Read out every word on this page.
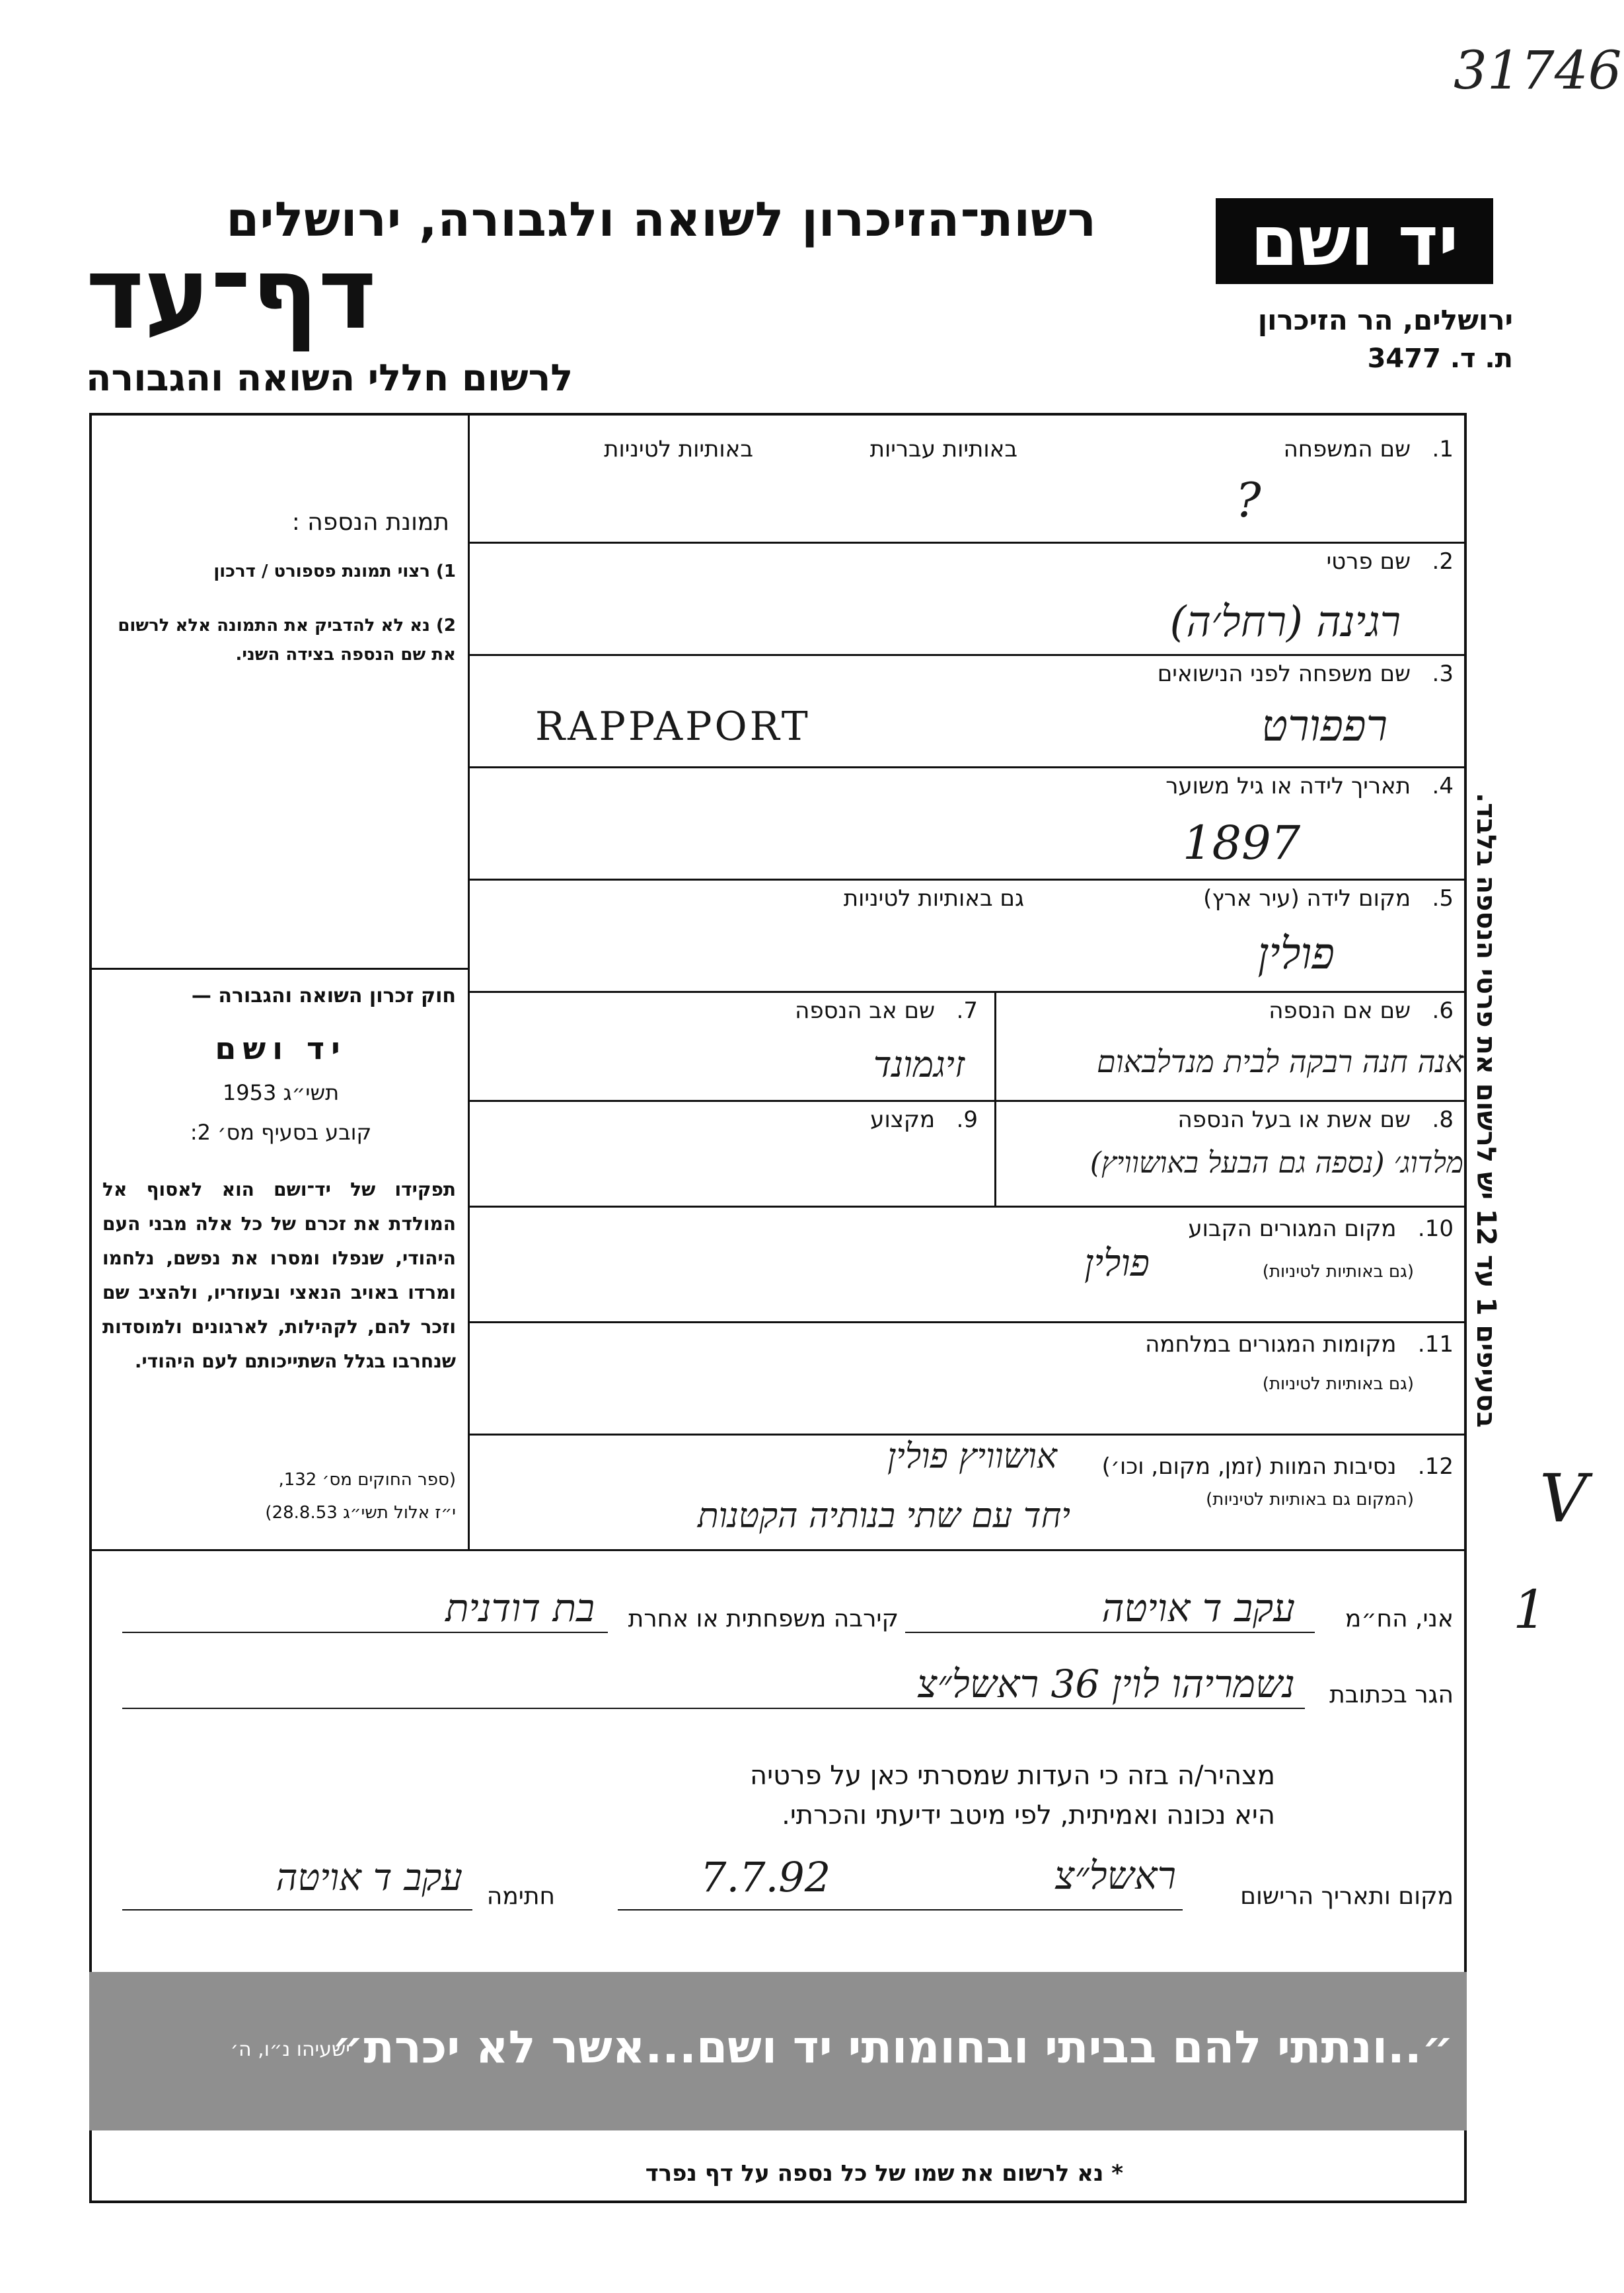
31746
רשות־הזיכרון לשואה ולגבורה, ירושלים
דף־עד
לרשום חללי השואה והגבורה
יד ושם
ירושלים, הר הזיכרון
ת. ד. 3477
תמונת הנספה :
1) רצוי תמונת פספורט / דרכון
2) נא לא להדביק את התמונה אלא לרשום את שם הנספה בצידה השני.
חוק זכרון השואה והגבורה —
יד ושם
תשי״ג 1953
קובע בסעיף מס׳ 2:
תפקידו של יד־ושם הוא לאסוף אל המולדת את זכרם של כל אלה מבני העם היהודי, שנפלו ומסרו את נפשם, נלחמו ומרדו באויב הנאצי ובעוזריו, ולהציב שם וזכר להם, לקהילות, לארגונים ולמוסדות שנחרבו בגלל השתייכותם לעם היהודי.
(ספר החוקים מס׳ 132,
י״ז אלול תשי״ג 28.8.53)
1.   שם המשפחה
באותיות עבריות
באותיות לטיניות
?
2.   שם פרטי
רגינה (רחל׳ה)
3.   שם משפחה לפני הנישואים
רפפורט
RAPPAPORT
4.   תאריך לידה או גיל משוער
1897
5.   מקום לידה (עיר ארץ)
גם באותיות לטיניות
פולין
6.   שם אם הנספה
אנה חנה רבקה לבית מנדלבאום
7.   שם אב הנספה
זיגמונד
8.   שם אשת או בעל הנספה
מלדוג׳ (נספה גם הבעל באושוויץ)
9.   מקצוע
10.   מקום המגורים הקבוע
(גם באותיות לטיניות)
פולין
11.   מקומות המגורים במלחמה
(גם באותיות לטיניות)
12.   נסיבות המוות (זמן, מקום, וכו׳)
(המקום גם באותיות לטיניות)
אושוויץ פולין
יחד עם שתי בנותיה הקטנות
בסעיפים 1 עד 12 יש לרשום את פרטי הנספה בלבד.
V
1
אני, הח״מ
עקב ד אויטה
קירבה משפחתית או אחרת
בת דודנית
הגר בכתובת
נשמריהו לוין 36 ראשל״צ
מצהיר/ה בזה כי העדות שמסרתי כאן על פרטיה
היא נכונה ואמיתית, לפי מיטב ידיעתי והכרתי.
מקום ותאריך הרישום
ראשל״צ
7.7.92
חתימה
עקב ד אויטה
״..ונתתי להם בביתי ובחומותי יד ושם...אשר לא יכרת״
ישעיהו נ״ו, ה׳
* נא לרשום את שמו של כל נספה על דף נפרד
